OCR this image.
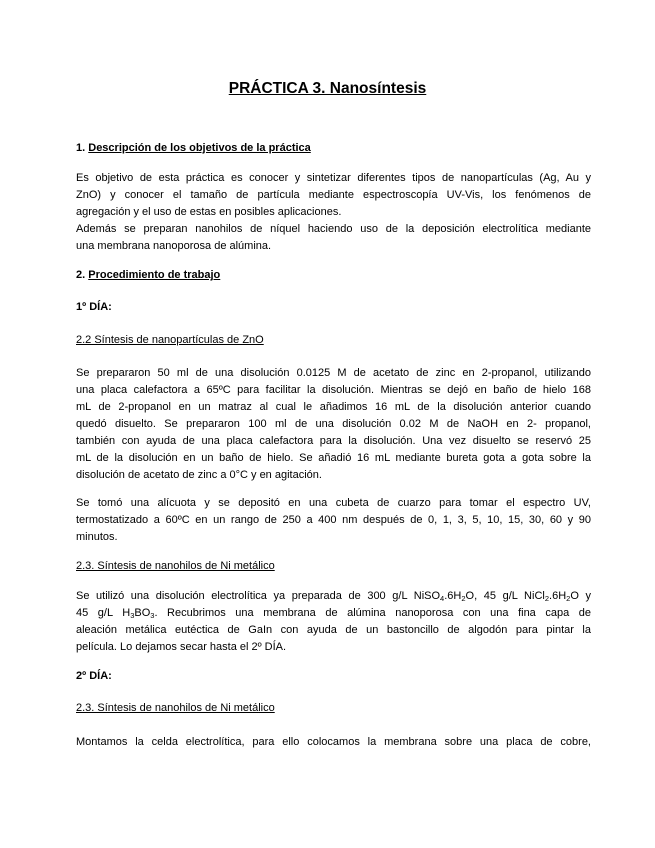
PRÁCTICA 3. Nanosíntesis

1. Descripción de los objetivos de la práctica

Es objetivo de esta práctica es conocer y sintetizar diferentes tipos de nanopartículas (Ag, Au y

ZnO) y conocer el tamaño de partícula mediante espectroscopía UV-Vis, los fenómenos de

agregación y el uso de estas en posibles aplicaciones.

Además se preparan nanohilos de níquel haciendo uso de la deposición electrolítica mediante

una membrana nanoporosa de alúmina.

2. Procedimiento de trabajo

1º DÍA:

2.2 Síntesis de nanopartículas de ZnO

Se prepararon 50 ml de una disolución 0.0125 M de acetato de zinc en 2-propanol, utilizando

una placa calefactora a 65ºC para facilitar la disolución. Mientras se dejó en baño de hielo 168

mL de 2-propanol en un matraz al cual le añadimos 16 mL de la disolución anterior cuando

quedó disuelto. Se prepararon 100 ml de una disolución 0.02 M de NaOH en 2- propanol,

también con ayuda de una placa calefactora para la disolución. Una vez disuelto se reservó 25

mL de la disolución en un baño de hielo. Se añadió 16 mL mediante bureta gota a gota sobre la

disolución de acetato de zinc a 0°C y en agitación.

Se tomó una alícuota y se depositó en una cubeta de cuarzo para tomar el espectro UV,

termostatizado a 60ºC en un rango de 250 a 400 nm después de 0, 1, 3, 5, 10, 15, 30, 60 y 90

minutos.

2.3. Síntesis de nanohilos de Ni metálico

Se utilizó una disolución electrolítica ya preparada de 300 g/L $NiSO_4.6H_2O$, 45 g/L $NiCl_2.6H_2O$ y

45 g/L $H_3BO_3$. Recubrimos una membrana de alúmina nanoporosa con una fina capa de

aleación metálica eutéctica de GaIn con ayuda de un bastoncillo de algodón para pintar la

película. Lo dejamos secar hasta el 2º DÍA.

2º DÍA:

2.3. Síntesis de nanohilos de Ni metálico

Montamos la celda electrolítica, para ello colocamos la membrana sobre una placa de cobre,
